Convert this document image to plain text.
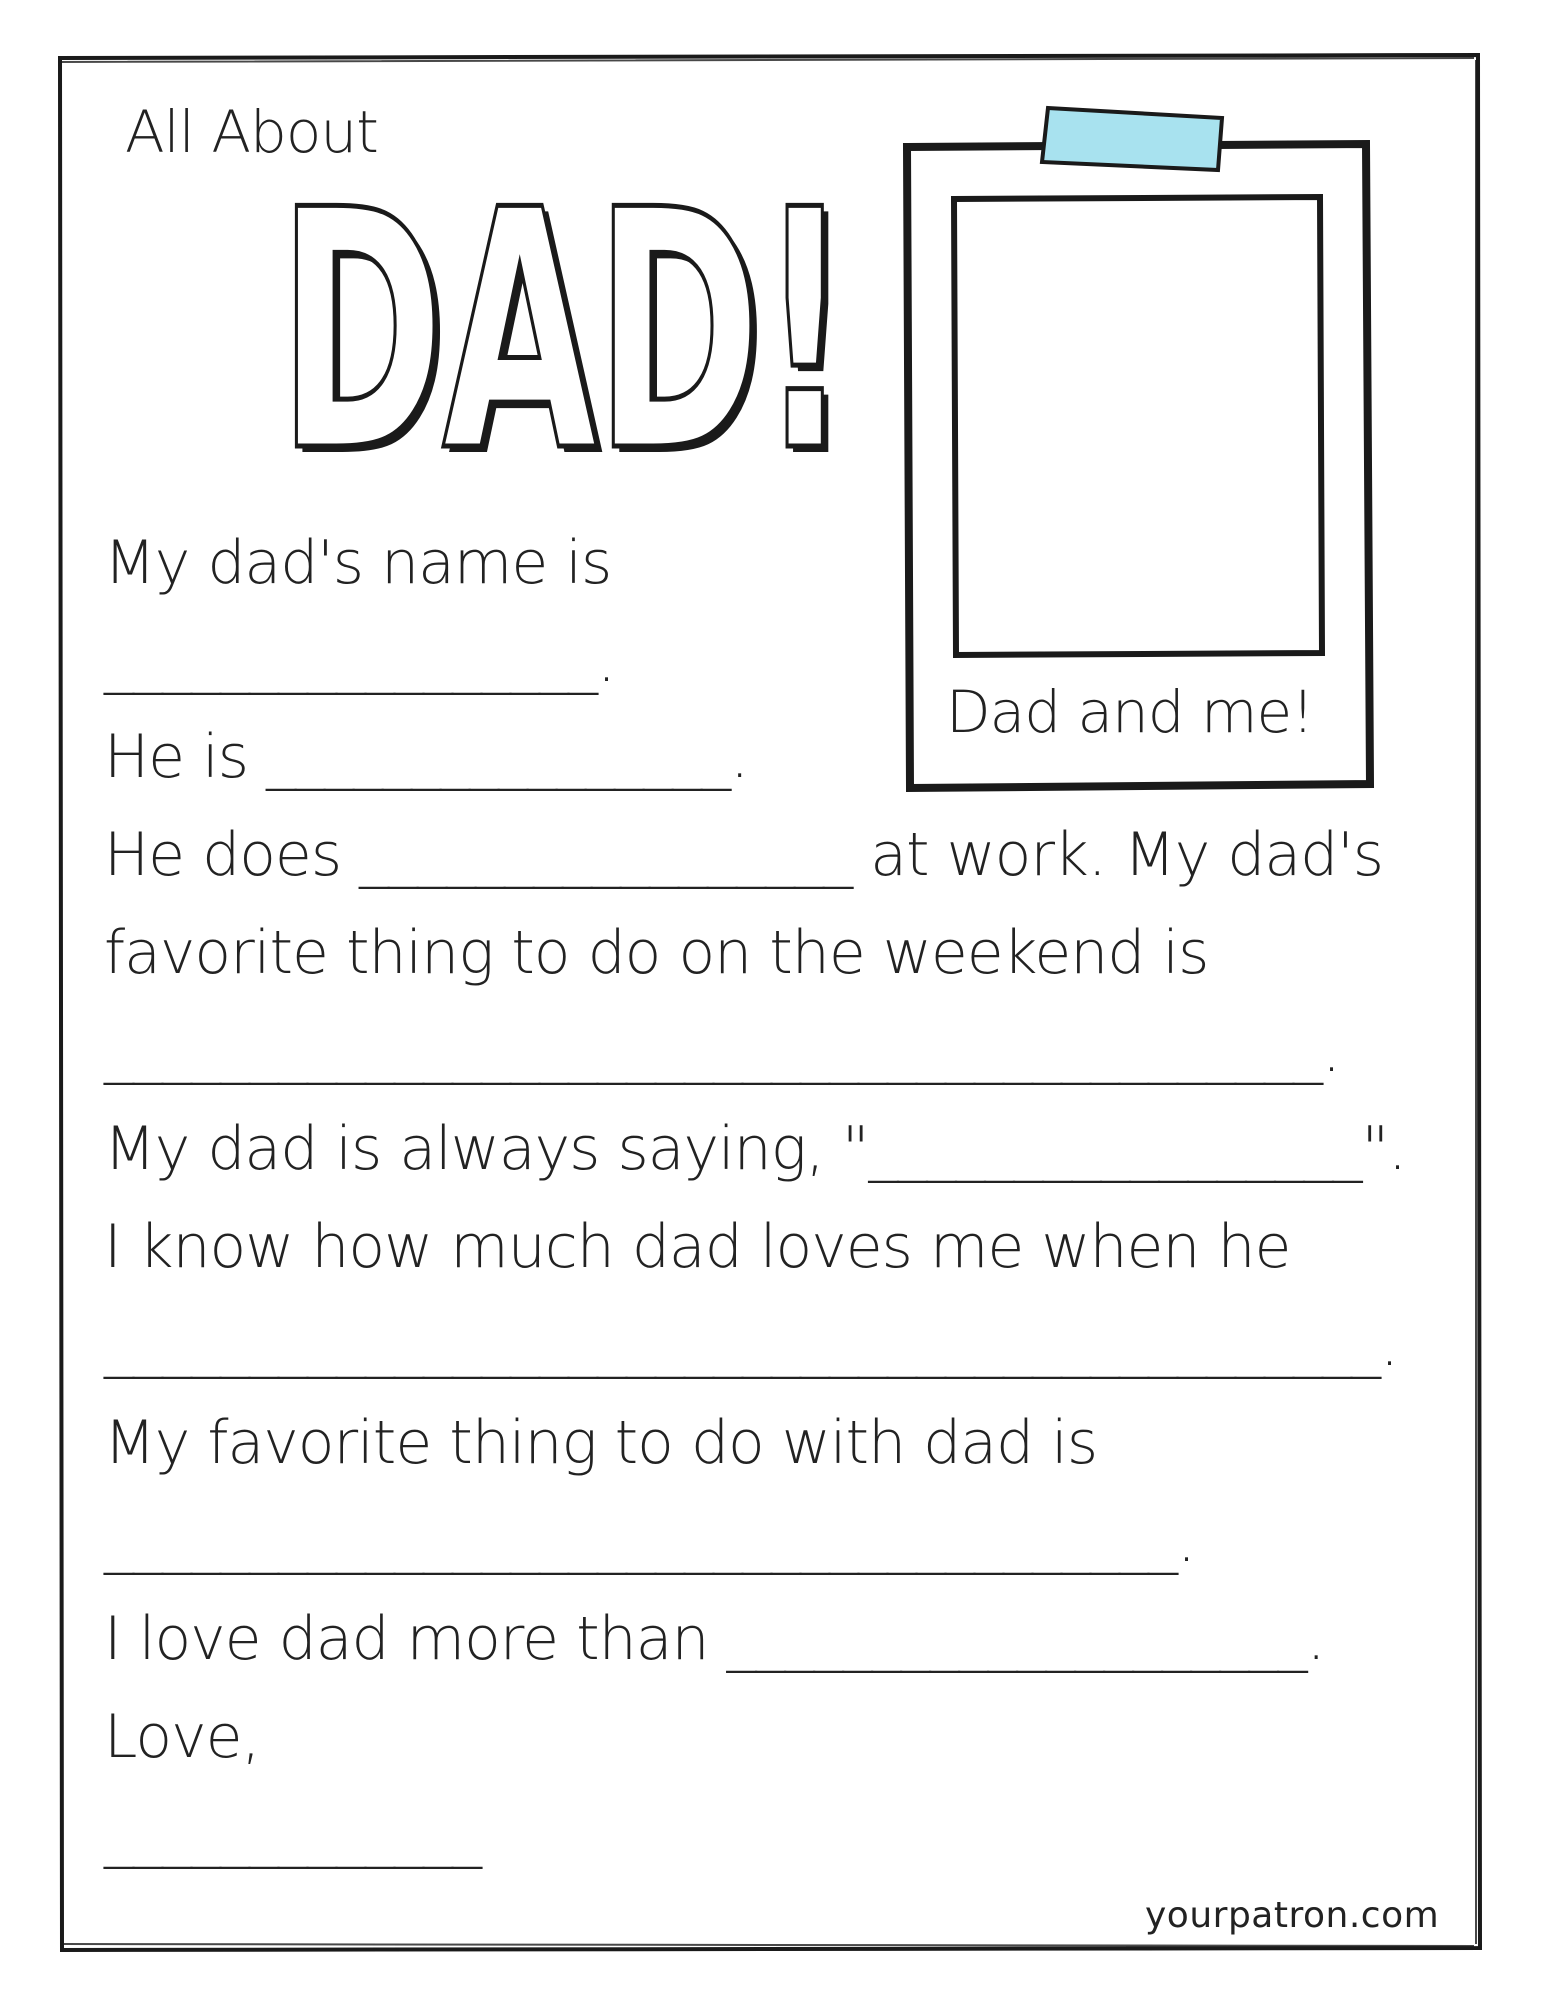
All About
DAD!
DAD!
Dad and me!
My dad's name is
_________________.
He is ________________.
He does _________________ at work. My dad's
favorite thing to do on the weekend is
__________________________________________.
My dad is always saying, "_________________".
I know how much dad loves me when he
____________________________________________.
My favorite thing to do with dad is
_____________________________________.
I love dad more than ____________________.
Love,
_____________
yourpatron.com
